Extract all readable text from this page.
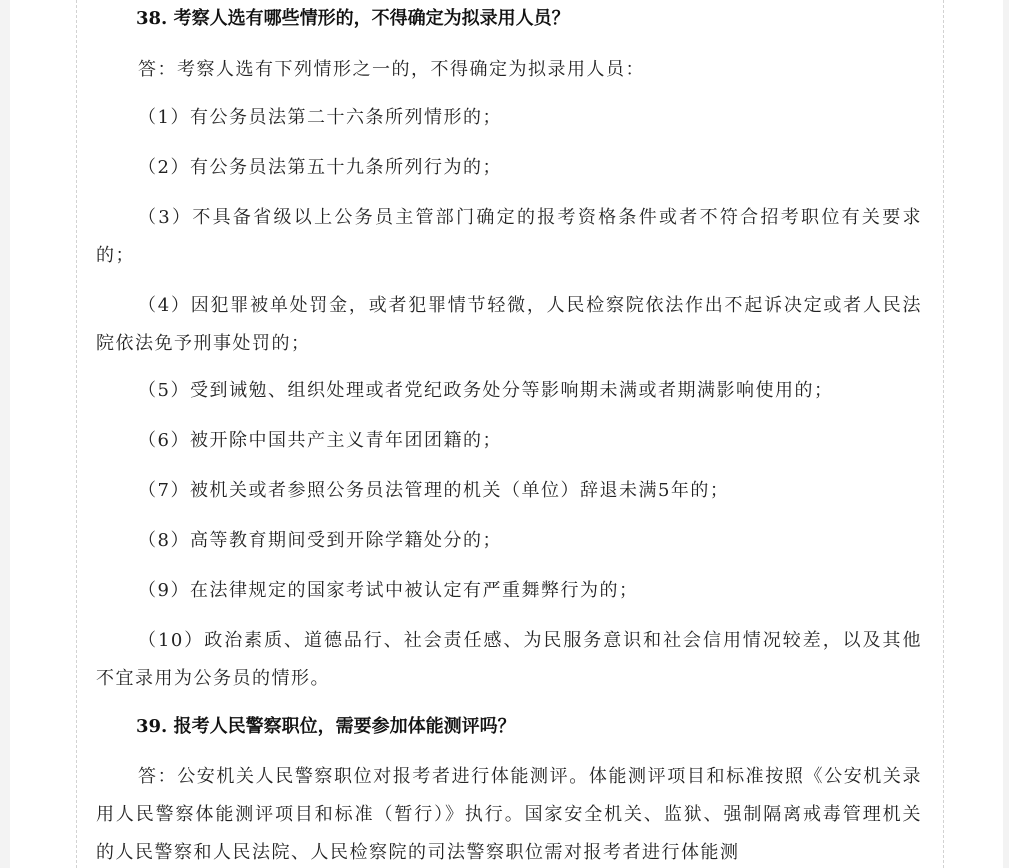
38. 考察人选有哪些情形的，不得确定为拟录用人员？

答：考察人选有下列情形之一的，不得确定为拟录用人员：

（1）有公务员法第二十六条所列情形的；

（2）有公务员法第五十九条所列行为的；

（3）不具备省级以上公务员主管部门确定的报考资格条件或者不符合招考职位有关要求的；

（4）因犯罪被单处罚金，或者犯罪情节轻微，人民检察院依法作出不起诉决定或者人民法院依法免予刑事处罚的；

（5）受到诫勉、组织处理或者党纪政务处分等影响期未满或者期满影响使用的；

（6）被开除中国共产主义青年团团籍的；

（7）被机关或者参照公务员法管理的机关（单位）辞退未满5年的；

（8）高等教育期间受到开除学籍处分的；

（9）在法律规定的国家考试中被认定有严重舞弊行为的；

（10）政治素质、道德品行、社会责任感、为民服务意识和社会信用情况较差，以及其他不宜录用为公务员的情形。

39. 报考人民警察职位，需要参加体能测评吗？

答：公安机关人民警察职位对报考者进行体能测评。体能测评项目和标准按照《公安机关录用人民警察体能测评项目和标准（暂行）》执行。国家安全机关、监狱、强制隔离戒毒管理机关的人民警察和人民法院、人民检察院的司法警察职位需对报考者进行体能测
